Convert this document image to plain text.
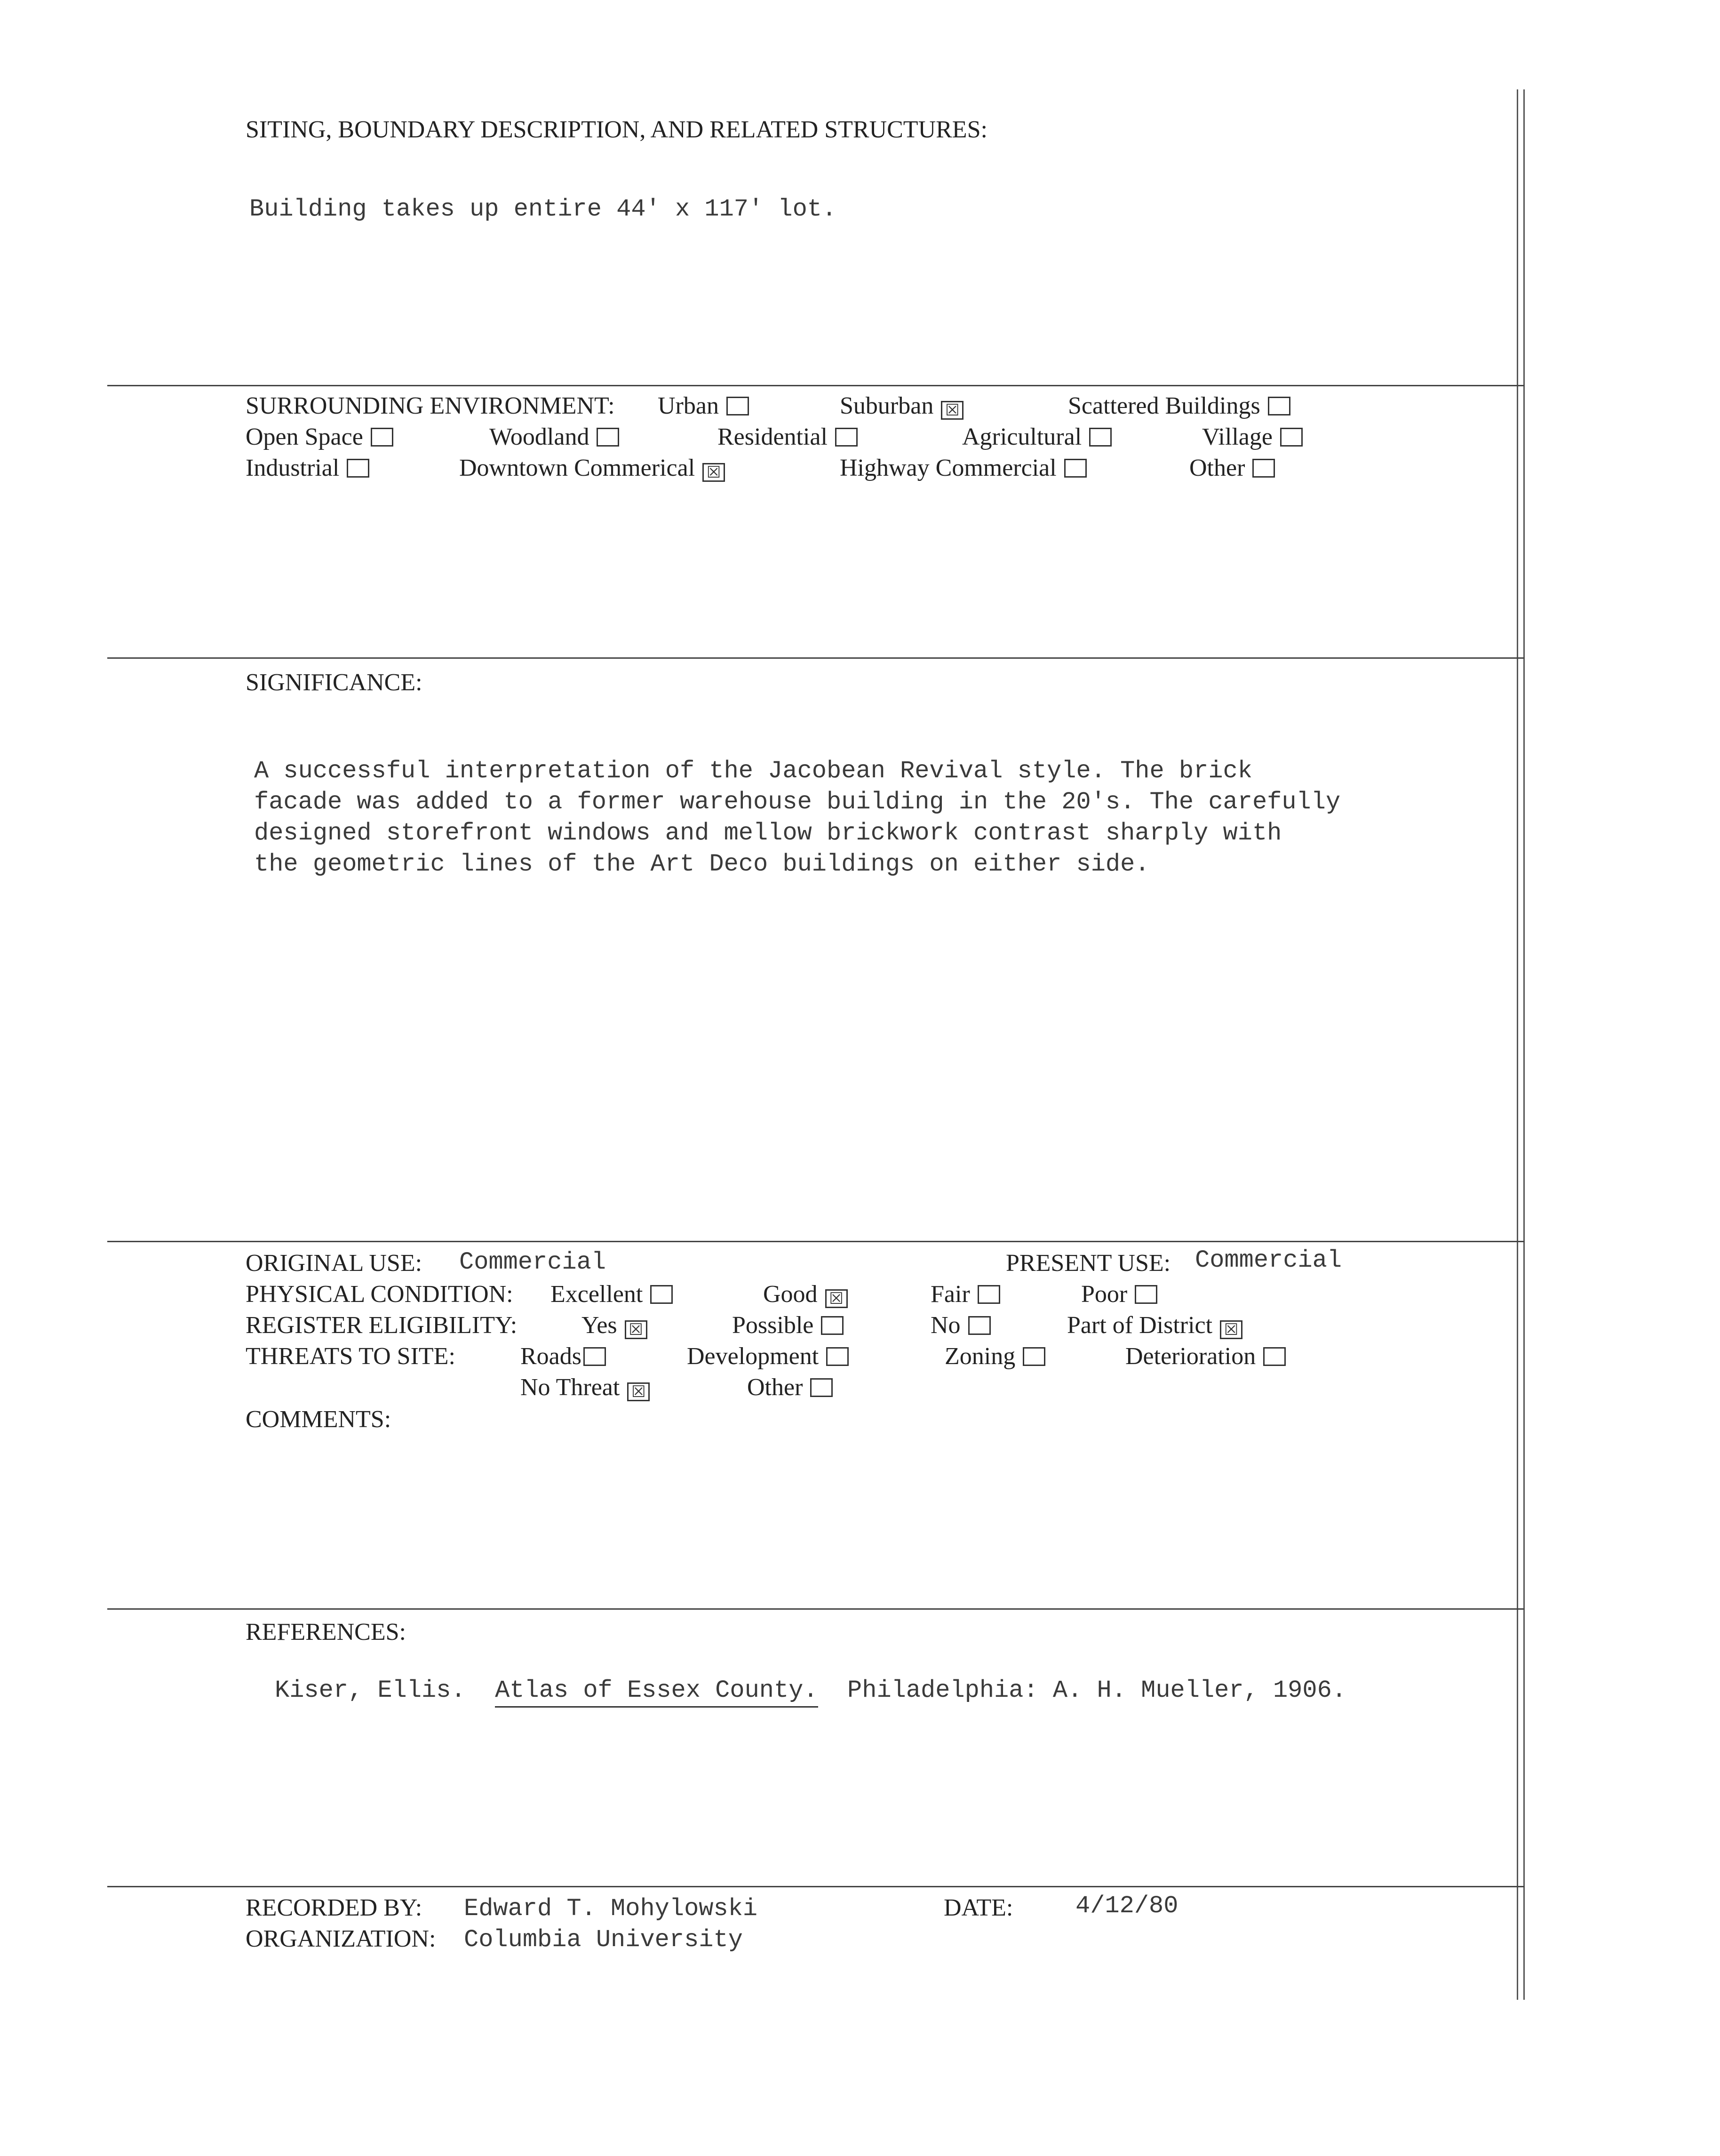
SITING, BOUNDARY DESCRIPTION, AND RELATED STRUCTURES:
Building takes up entire 44' x 117' lot.
SURROUNDING ENVIRONMENT: Urban	Suburban ☒	Scattered Buildings
Open Space	Woodland	Residential	Agricultural	Village
Industrial	Downtown Commerical ☒	Highway Commercial	Other
SIGNIFICANCE:
A successful interpretation of the Jacobean Revival style. The brick
facade was added to a former warehouse building in the 20's. The carefully
designed storefront windows and mellow brickwork contrast sharply with
the geometric lines of the Art Deco buildings on either side.
ORIGINAL USE: Commercial	PRESENT USE: Commercial
PHYSICAL CONDITION: Excellent	Good ☒	Fair	Poor
REGISTER ELIGIBILITY:	Yes ☒	Possible	No	Part of District ☒
THREATS TO SITE:	Roads	Development	Zoning	Deterioration
No Threat ☒	Other
COMMENTS:
REFERENCES:
Kiser, Ellis. Atlas of Essex County. Philadelphia: A. H. Mueller, 1906.
RECORDED BY: Edward T. Mohylowski
ORGANIZATION: Columbia University
DATE:	4/12/80
